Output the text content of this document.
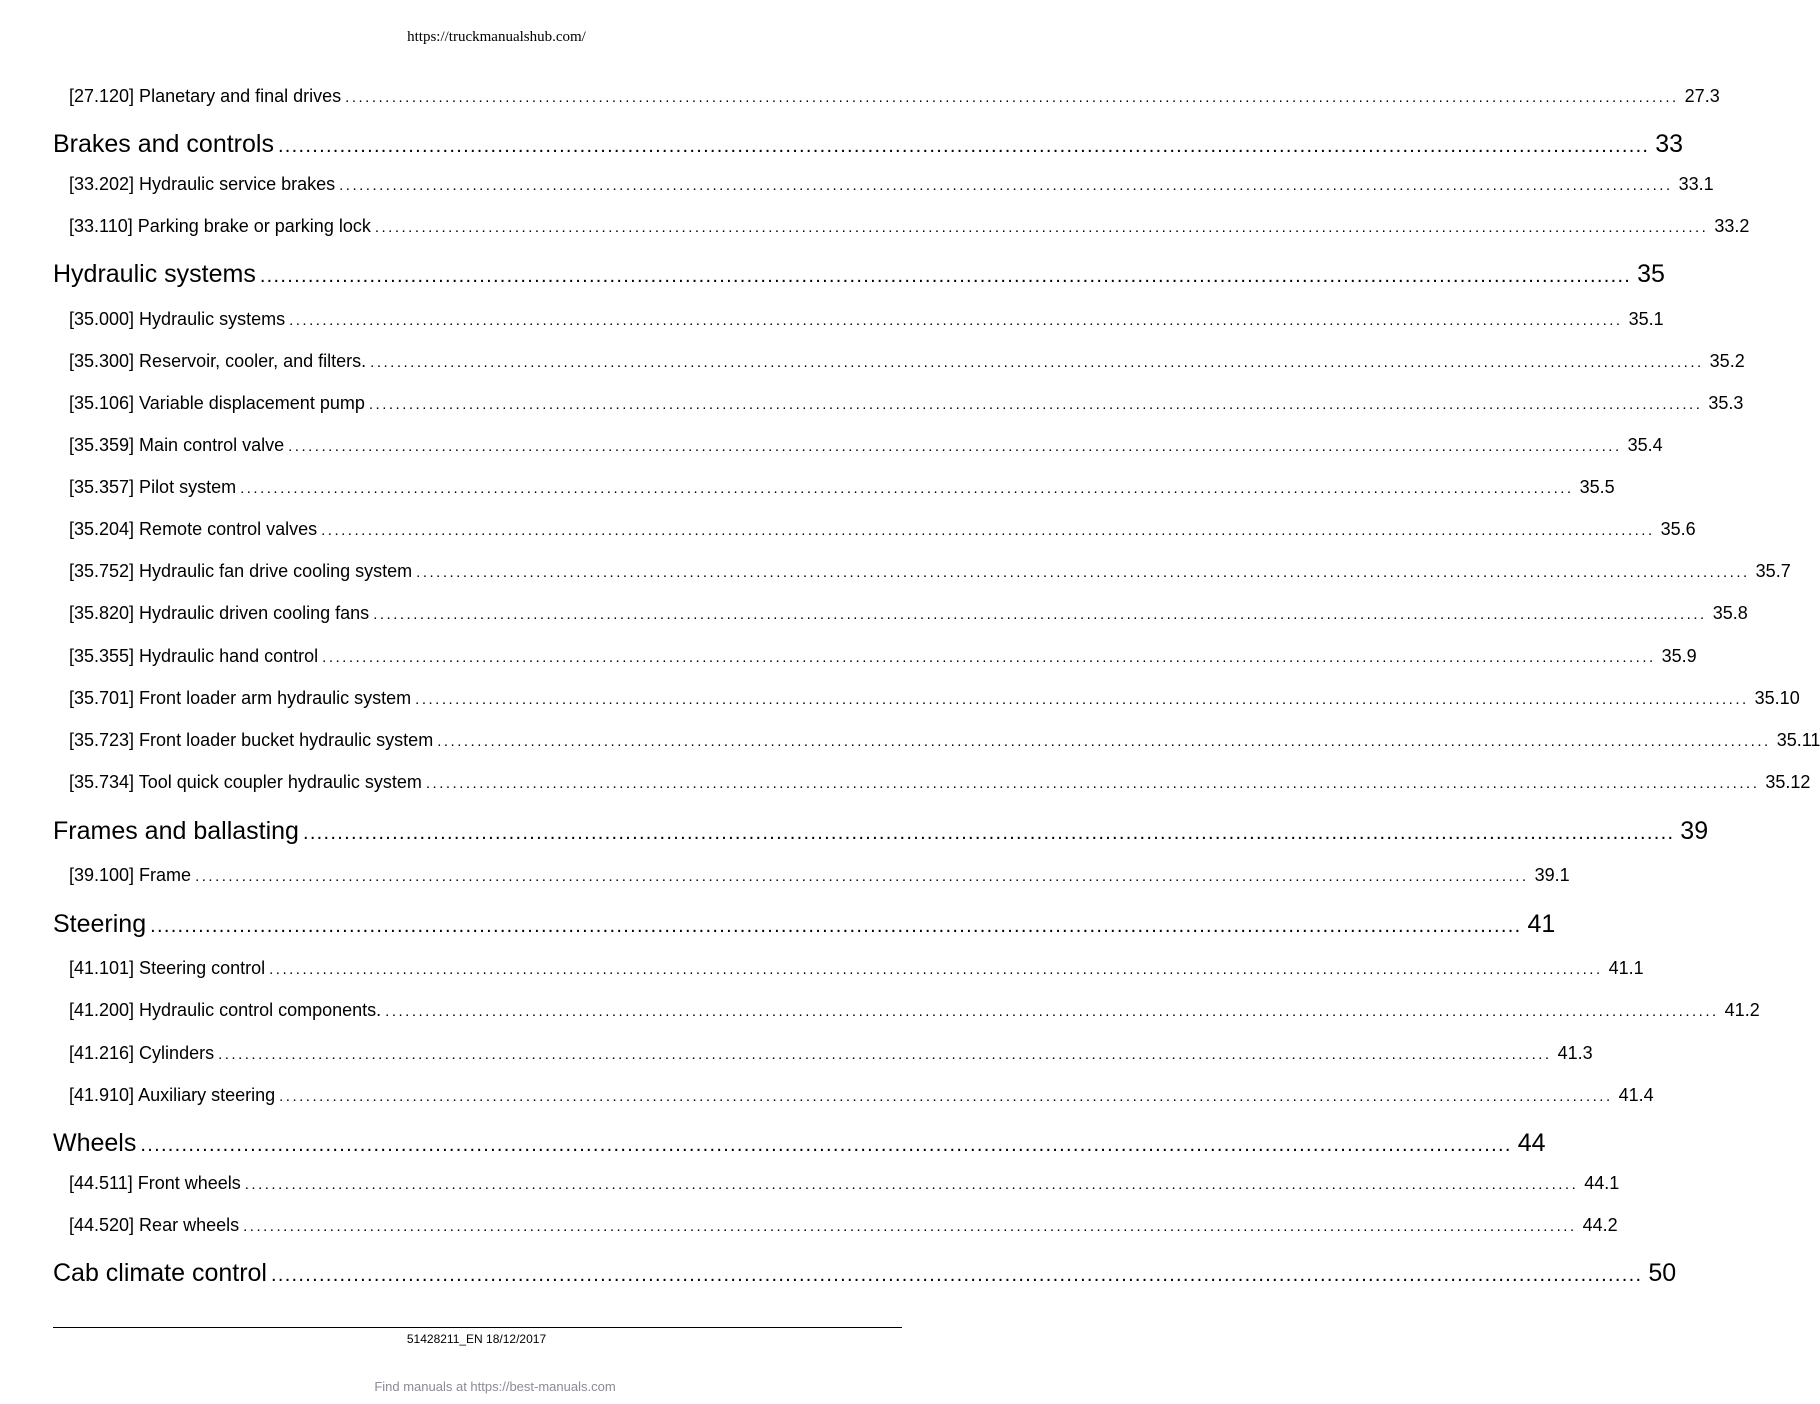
https://truckmanualshub.com/
[27.120] Planetary and final drives ........................................................................................................................................................................................................ 27.3
Brakes and controls ........................................................................................................................................................................................................ 33
[33.202] Hydraulic service brakes ........................................................................................................................................................................................................ 33.1
[33.110] Parking brake or parking lock ........................................................................................................................................................................................................ 33.2
Hydraulic systems ........................................................................................................................................................................................................ 35
[35.000] Hydraulic systems ........................................................................................................................................................................................................ 35.1
[35.300] Reservoir, cooler, and filters. ........................................................................................................................................................................................................ 35.2
[35.106] Variable displacement pump ........................................................................................................................................................................................................ 35.3
[35.359] Main control valve ........................................................................................................................................................................................................ 35.4
[35.357] Pilot system ........................................................................................................................................................................................................ 35.5
[35.204] Remote control valves ........................................................................................................................................................................................................ 35.6
[35.752] Hydraulic fan drive cooling system ........................................................................................................................................................................................................ 35.7
[35.820] Hydraulic driven cooling fans ........................................................................................................................................................................................................ 35.8
[35.355] Hydraulic hand control ........................................................................................................................................................................................................ 35.9
[35.701] Front loader arm hydraulic system ........................................................................................................................................................................................................ 35.10
[35.723] Front loader bucket hydraulic system ........................................................................................................................................................................................................ 35.11
[35.734] Tool quick coupler hydraulic system ........................................................................................................................................................................................................ 35.12
Frames and ballasting ........................................................................................................................................................................................................ 39
[39.100] Frame ........................................................................................................................................................................................................ 39.1
Steering ........................................................................................................................................................................................................ 41
[41.101] Steering control ........................................................................................................................................................................................................ 41.1
[41.200] Hydraulic control components. ........................................................................................................................................................................................................ 41.2
[41.216] Cylinders ........................................................................................................................................................................................................ 41.3
[41.910] Auxiliary steering ........................................................................................................................................................................................................ 41.4
Wheels ........................................................................................................................................................................................................ 44
[44.511] Front wheels ........................................................................................................................................................................................................ 44.1
[44.520] Rear wheels ........................................................................................................................................................................................................ 44.2
Cab climate control ........................................................................................................................................................................................................ 50
51428211_EN 18/12/2017
Find manuals at https://best-manuals.com
